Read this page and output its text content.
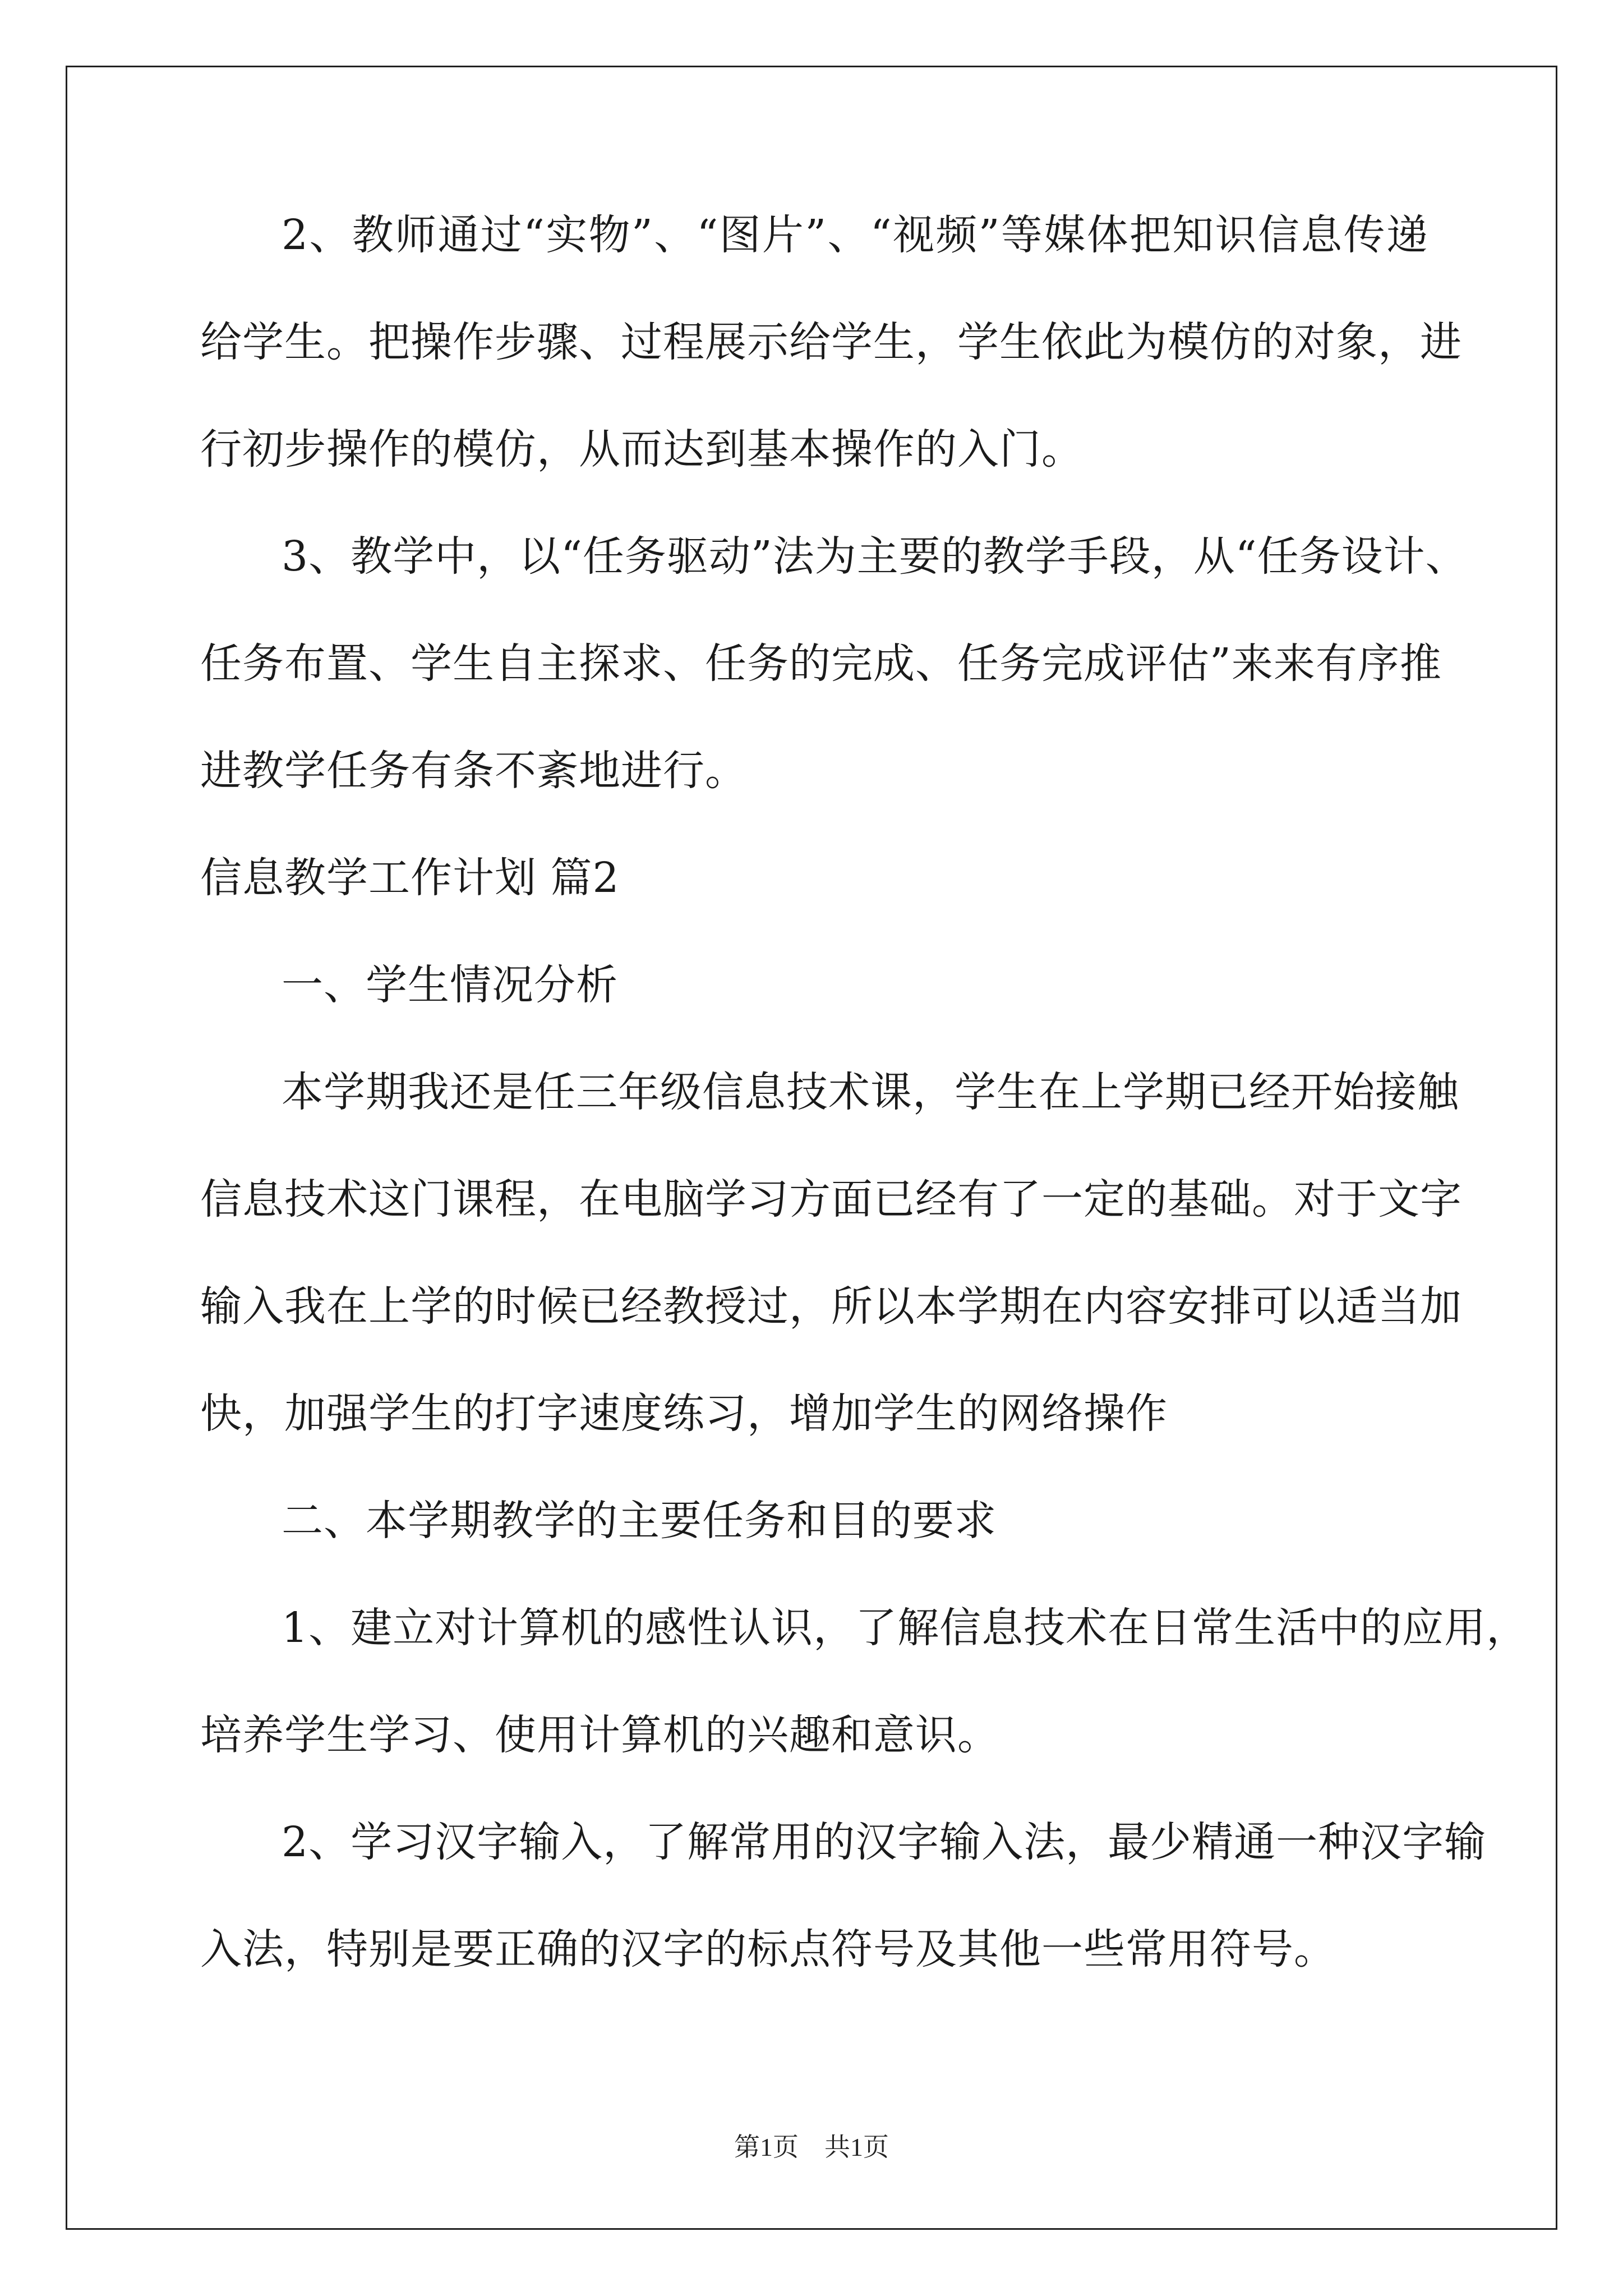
2、教师通过“实物”、“图片”、“视频”等媒体把知识信息传递
给学生。把操作步骤、过程展示给学生，学生依此为模仿的对象，进
行初步操作的模仿，从而达到基本操作的入门。
3、教学中，以“任务驱动”法为主要的教学手段，从“任务设计、
任务布置、学生自主探求、任务的完成、任务完成评估”来来有序推
进教学任务有条不紊地进行。
信息教学工作计划 篇2
一、学生情况分析
本学期我还是任三年级信息技术课，学生在上学期已经开始接触
信息技术这门课程，在电脑学习方面已经有了一定的基础。对于文字
输入我在上学的时候已经教授过，所以本学期在内容安排可以适当加
快，加强学生的打字速度练习，增加学生的网络操作
二、本学期教学的主要任务和目的要求
1、建立对计算机的感性认识，了解信息技术在日常生活中的应用，
培养学生学习、使用计算机的兴趣和意识。
2、学习汉字输入，了解常用的汉字输入法，最少精通一种汉字输
入法，特别是要正确的汉字的标点符号及其他一些常用符号。
第1页　共1页
